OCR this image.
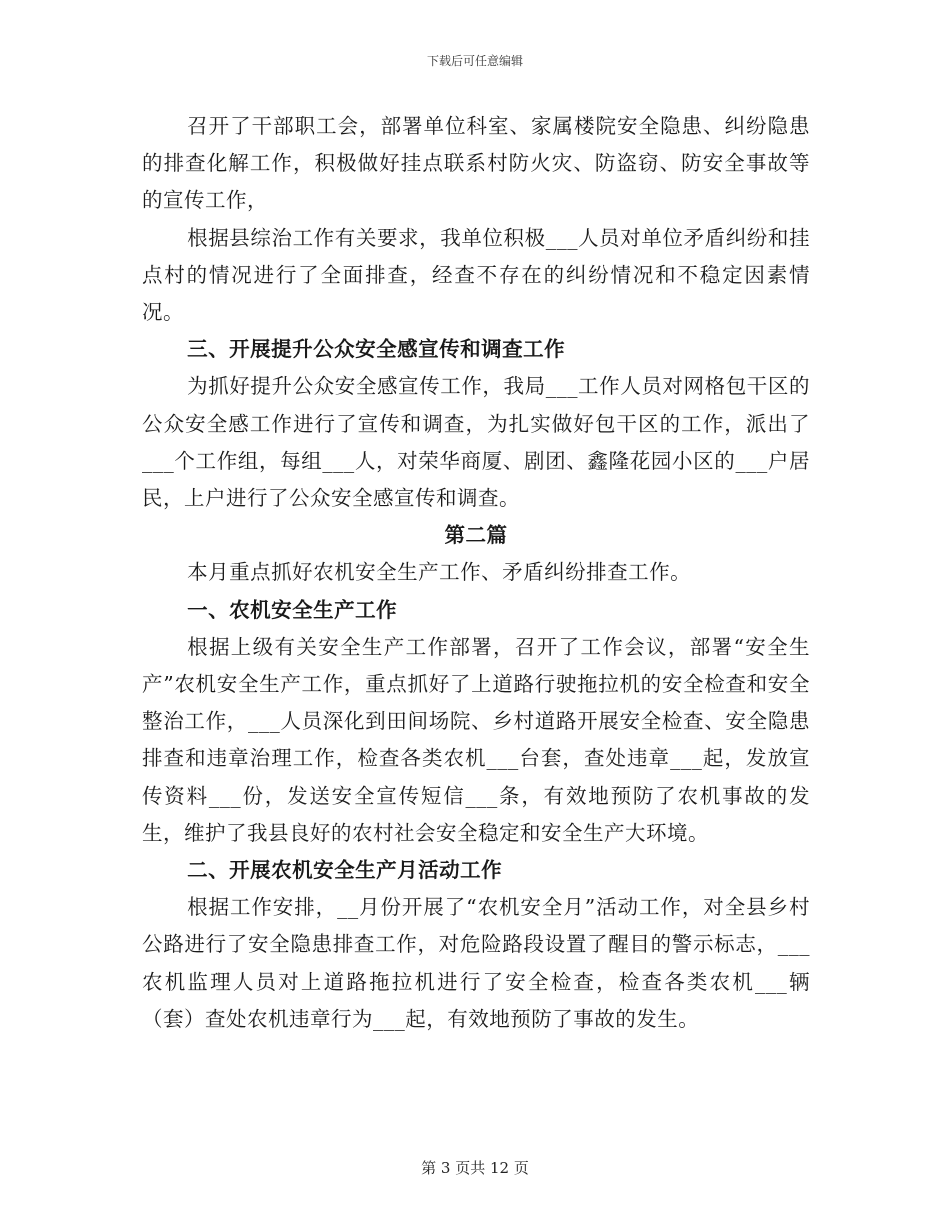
下载后可任意编辑

召开了干部职工会，部署单位科室、家属楼院安全隐患、纠纷隐患的排查化解工作，积极做好挂点联系村防火灾、防盗窃、防安全事故等的宣传工作，

根据县综治工作有关要求，我单位积极___人员对单位矛盾纠纷和挂点村的情况进行了全面排查，经查不存在的纠纷情况和不稳定因素情况。

三、开展提升公众安全感宣传和调查工作

为抓好提升公众安全感宣传工作，我局___工作人员对网格包干区的公众安全感工作进行了宣传和调查，为扎实做好包干区的工作，派出了___个工作组，每组___人，对荣华商厦、剧团、鑫隆花园小区的___户居民，上户进行了公众安全感宣传和调查。

第二篇

本月重点抓好农机安全生产工作、矛盾纠纷排查工作。

一、农机安全生产工作

根据上级有关安全生产工作部署，召开了工作会议，部署“安全生产”农机安全生产工作，重点抓好了上道路行驶拖拉机的安全检查和安全整治工作，___人员深化到田间场院、乡村道路开展安全检查、安全隐患排查和违章治理工作，检查各类农机___台套，查处违章___起，发放宣传资料___份，发送安全宣传短信___条，有效地预防了农机事故的发生，维护了我县良好的农村社会安全稳定和安全生产大环境。

二、开展农机安全生产月活动工作

根据工作安排，__月份开展了“农机安全月”活动工作，对全县乡村公路进行了安全隐患排查工作，对危险路段设置了醒目的警示标志，___农机监理人员对上道路拖拉机进行了安全检查，检查各类农机___辆（套）查处农机违章行为___起，有效地预防了事故的发生。

第 3 页共 12 页
